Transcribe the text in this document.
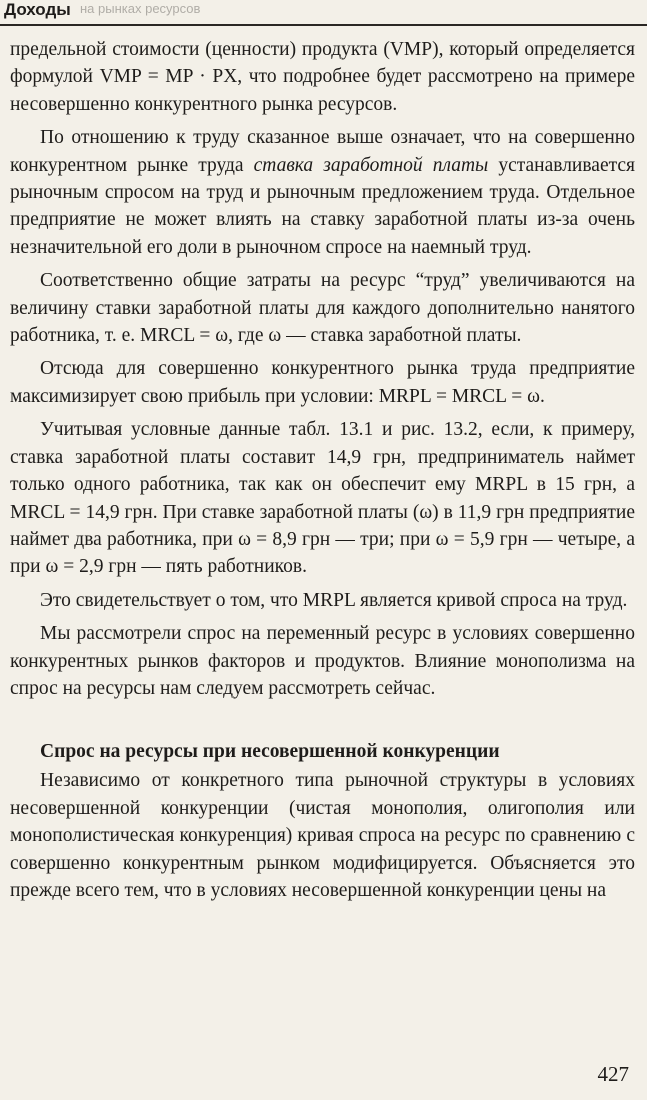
Доходы на рынках ресурсов

предельной стоимости (ценности) продукта (VMP), который определяется формулой VMP = MP · PX, что подробнее будет рассмотрено на примере несовершенно конкурентного рынка ресурсов.

По отношению к труду сказанное выше означает, что на совершенно конкурентном рынке труда ставка заработной платы устанавливается рыночным спросом на труд и рыночным предложением труда. Отдельное предприятие не может влиять на ставку заработной платы из-за очень незначительной его доли в рыночном спросе на наемный труд.

Соответственно общие затраты на ресурс “труд” увеличиваются на величину ставки заработной платы для каждого дополнительно нанятого работника, т. е. MRCL = ω, где ω — ставка заработной платы.

Отсюда для совершенно конкурентного рынка труда предприятие максимизирует свою прибыль при условии: MRPL = MRCL = ω.

Учитывая условные данные табл. 13.1 и рис. 13.2, если, к примеру, ставка заработной платы составит 14,9 грн, предприниматель наймет только одного работника, так как он обеспечит ему MRPL в 15 грн, а MRCL = 14,9 грн. При ставке заработной платы (ω) в 11,9 грн предприятие наймет два работника, при ω = 8,9 грн — три; при ω = 5,9 грн — четыре, а при ω = 2,9 грн — пять работников.

Это свидетельствует о том, что MRPL является кривой спроса на труд.

Мы рассмотрели спрос на переменный ресурс в условиях совершенно конкурентных рынков факторов и продуктов. Влияние монополизма на спрос на ресурсы нам следуем рассмотреть сейчас.

Спрос на ресурсы при несовершенной конкуренции

Независимо от конкретного типа рыночной структуры в условиях несовершенной конкуренции (чистая монополия, олигополия или монополистическая конкуренция) кривая спроса на ресурс по сравнению с совершенно конкурентным рынком модифицируется. Объясняется это прежде всего тем, что в условиях несовершенной конкуренции цены на

427
